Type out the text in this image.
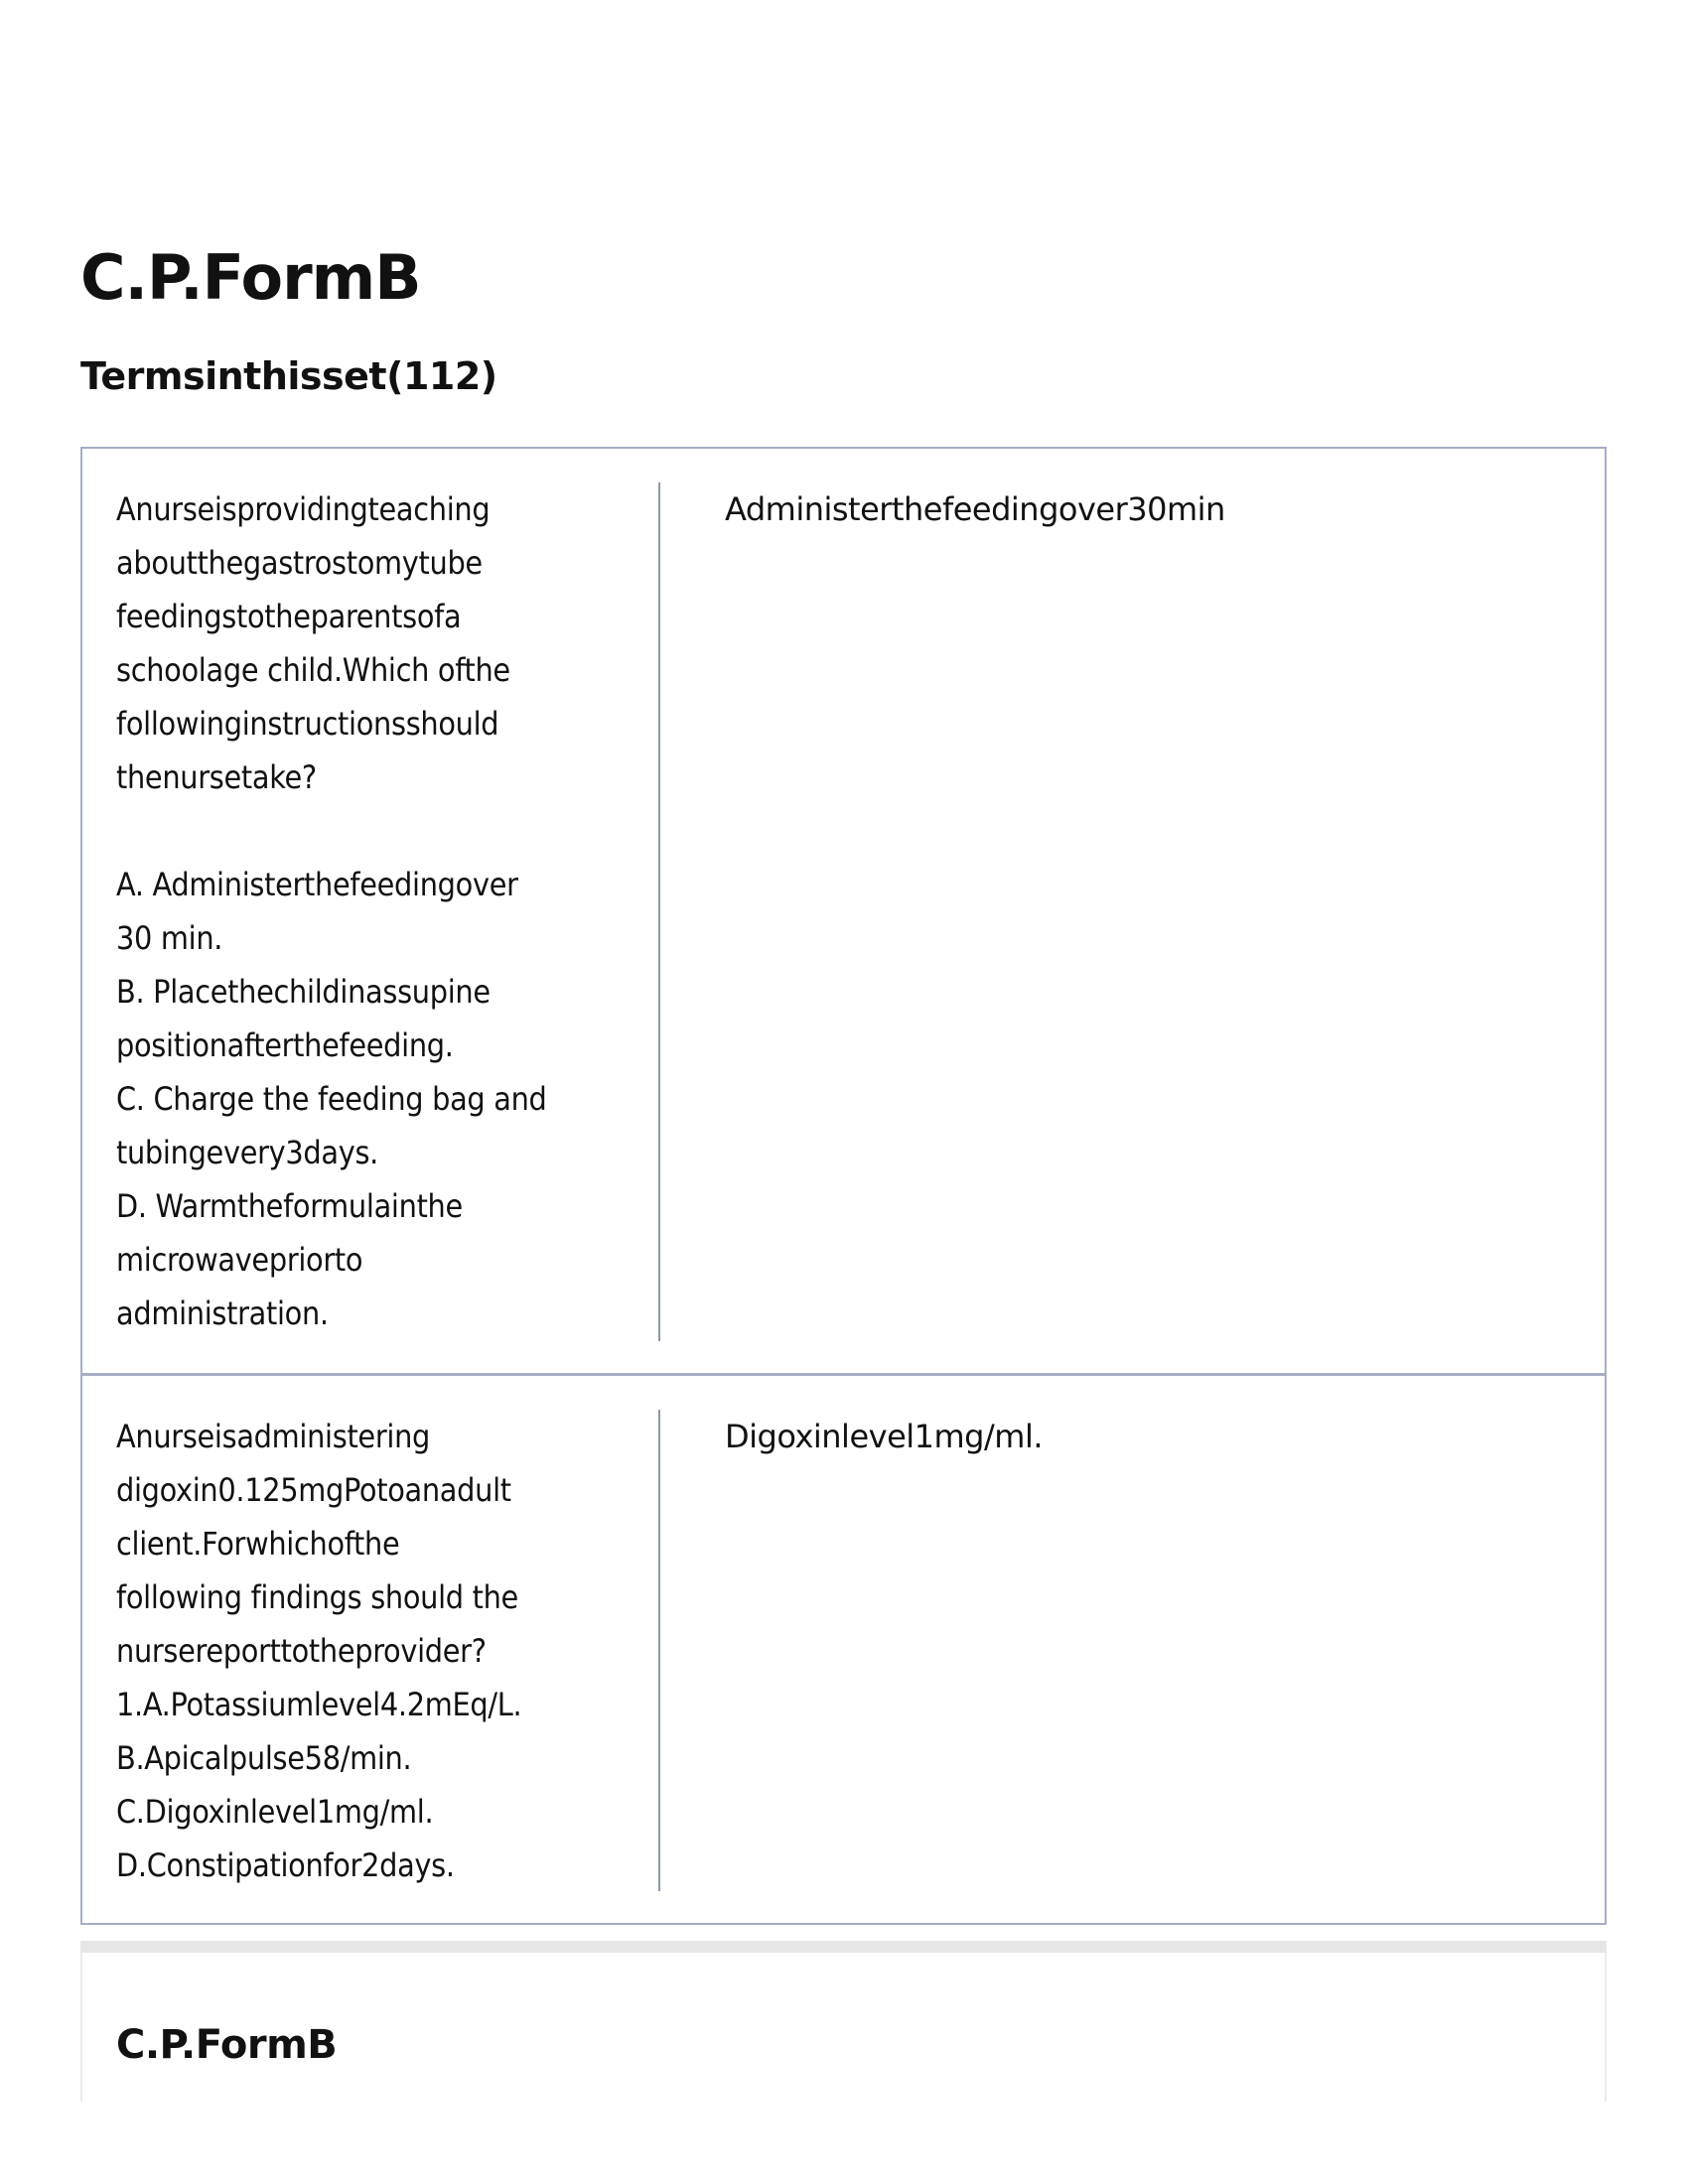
C.P.FormB
Termsinthisset(112)
Anurseisprovidingteaching
aboutthegastrostomytube
feedingstotheparentsofa
schoolage child.Which ofthe
followinginstructionsshould
thenursetake?

A. Administerthefeedingover
30 min.
B. Placethechildinassupine
positionafterthefeeding.
C. Charge the feeding bag and
tubingevery3days.
D. Warmtheformulainthe
microwavepriorto
administration.
Administerthefeedingover30min
Anurseisadministering
digoxin0.125mgPotoanadult
client.Forwhichofthe
following findings should the
nursereporttotheprovider?
1.A.Potassiumlevel4.2mEq/L.
B.Apicalpulse58/min.
C.Digoxinlevel1mg/ml.
D.Constipationfor2days.
Digoxinlevel1mg/ml.
C.P.FormB
